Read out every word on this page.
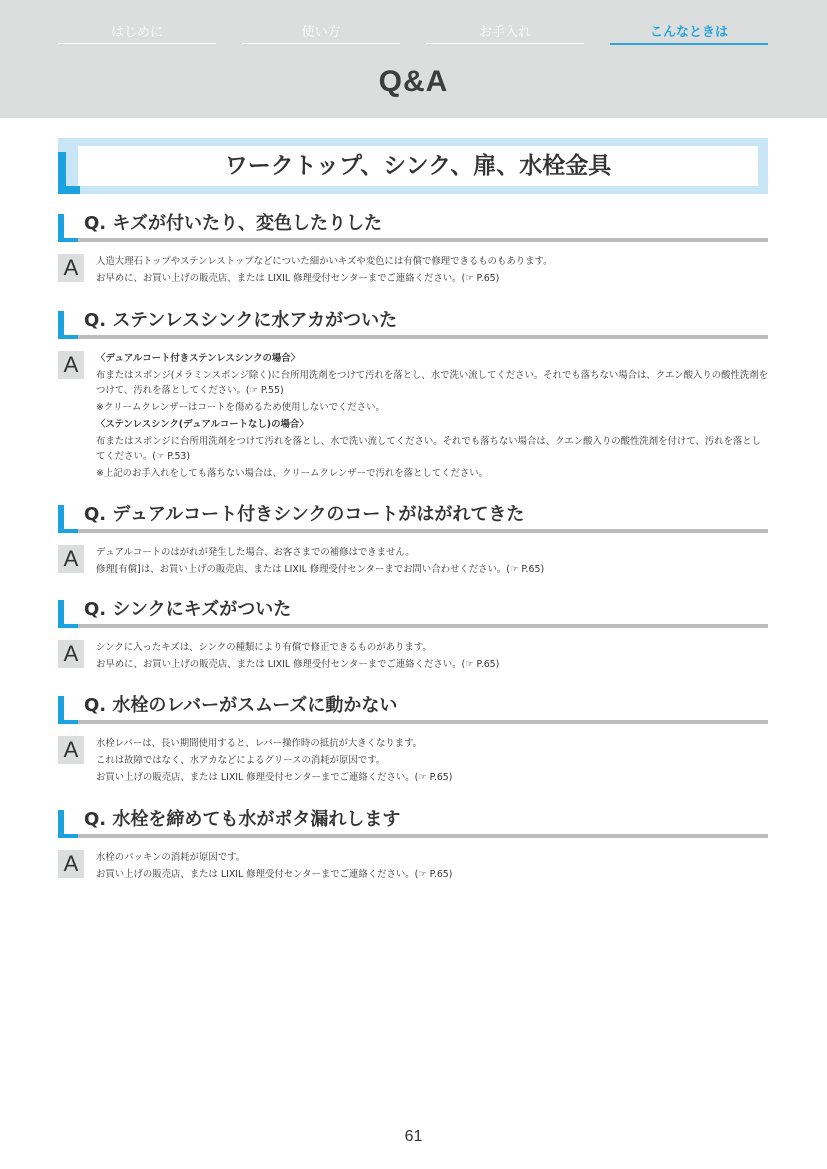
はじめに	使い方	お手入れ	こんなときは
Q&A
ワークトップ、シンク、扉、水栓金具
Q. キズが付いたり、変色したりした
A	人造大理石トップやステンレストップなどについた細かいキズや変色には有償で修理できるものもあります。

お早めに、お買い上げの販売店、または LIXIL 修理受付センターまでご連絡ください。(☞ P.65)

Q. ステンレスシンクに水アカがついた
A	〈デュアルコート付きステンレスシンクの場合〉

布またはスポンジ(メラミンスポンジ除く)に台所用洗剤をつけて汚れを落とし、水で洗い流してください。それでも落ちない場合は、クエン酸入りの酸性洗剤をつけて、汚れを落としてください。(☞ P.55)

※クリームクレンザーはコートを傷めるため使用しないでください。

〈ステンレスシンク(デュアルコートなし)の場合〉

布またはスポンジに台所用洗剤をつけて汚れを落とし、水で洗い流してください。それでも落ちない場合は、クエン酸入りの酸性洗剤を付けて、汚れを落としてください。(☞ P.53)

※上記のお手入れをしても落ちない場合は、クリームクレンザーで汚れを落としてください。

Q. デュアルコート付きシンクのコートがはがれてきた
A	デュアルコートのはがれが発生した場合、お客さまでの補修はできません。

修理[有償]は、お買い上げの販売店、または LIXIL 修理受付センターまでお問い合わせください。(☞ P.65)

Q. シンクにキズがついた
A	シンクに入ったキズは、シンクの種類により有償で修正できるものがあります。

お早めに、お買い上げの販売店、または LIXIL 修理受付センターまでご連絡ください。(☞ P.65)

Q. 水栓のレバーがスムーズに動かない
A	水栓レバーは、長い期間使用すると、レバー操作時の抵抗が大きくなります。

これは故障ではなく、水アカなどによるグリースの消耗が原因です。

お買い上げの販売店、または LIXIL 修理受付センターまでご連絡ください。(☞ P.65)

Q. 水栓を締めても水がポタ漏れします
A	水栓のパッキンの消耗が原因です。

お買い上げの販売店、または LIXIL 修理受付センターまでご連絡ください。(☞ P.65)

61
